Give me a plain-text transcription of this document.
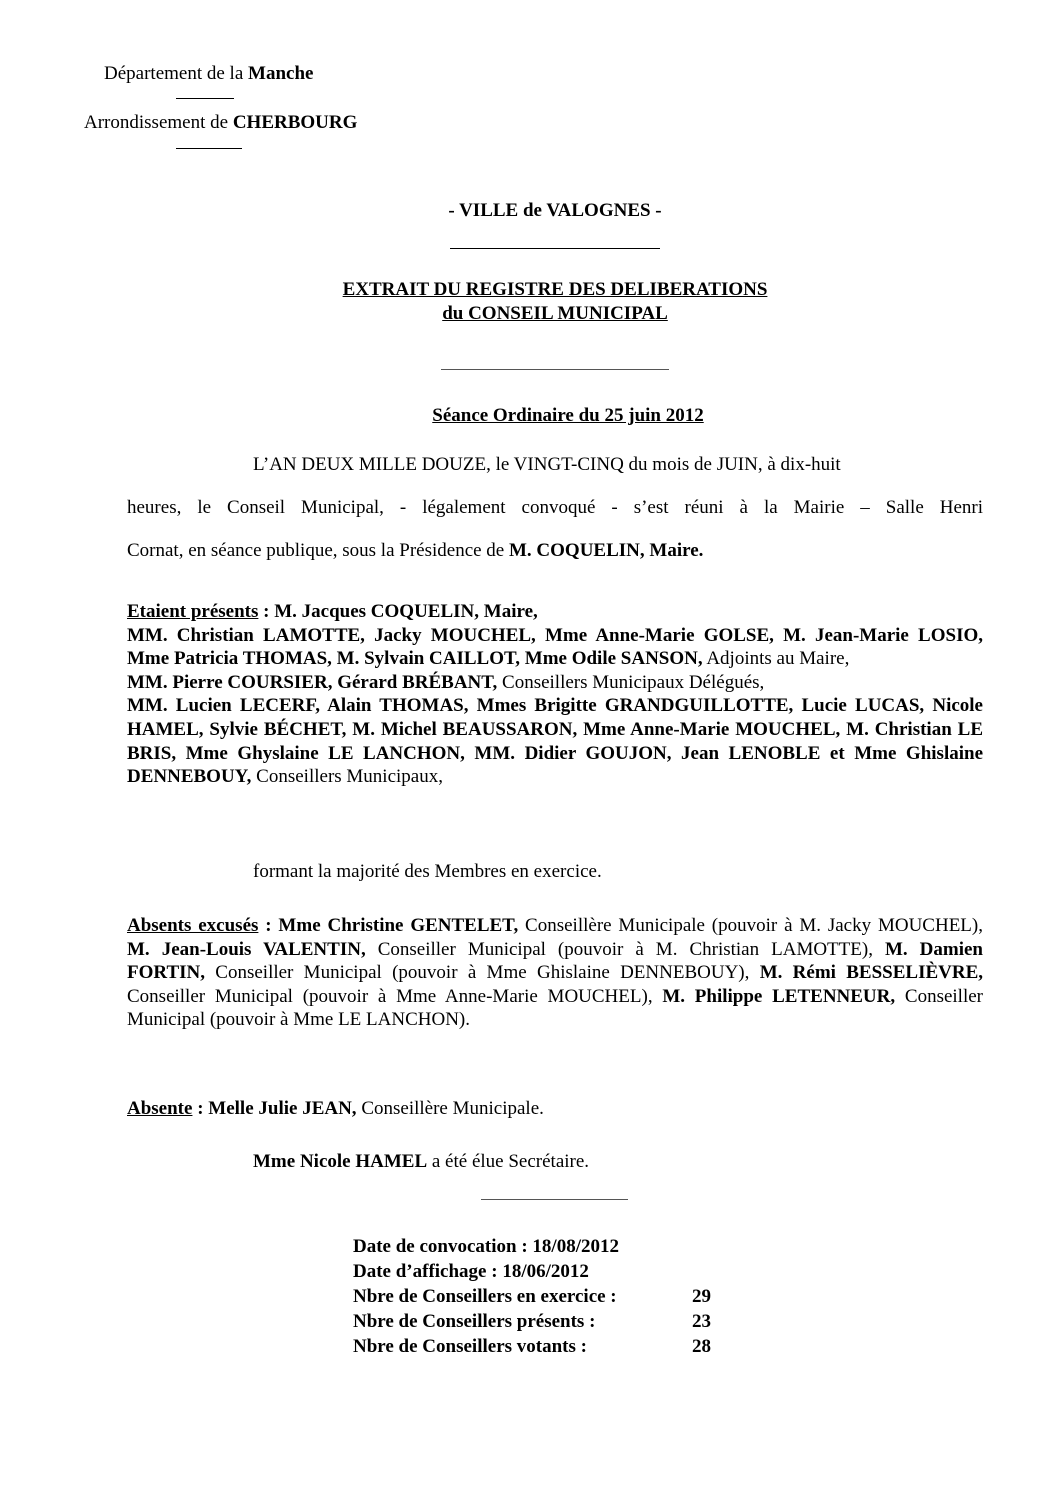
Département de la Manche
Arrondissement de CHERBOURG
- VILLE de VALOGNES -
EXTRAIT DU REGISTRE DES DELIBERATIONS
du CONSEIL MUNICIPAL
Séance Ordinaire du 25 juin 2012
L’AN DEUX MILLE DOUZE, le VINGT-CINQ du mois de JUIN, à dix-huit
heures, le Conseil Municipal, - légalement convoqué - s’est réuni à la Mairie – Salle Henri
Cornat, en séance publique, sous la Présidence de M. COQUELIN, Maire.
Etaient présents : M. Jacques COQUELIN, Maire,
MM. Christian LAMOTTE, Jacky MOUCHEL, Mme Anne-Marie GOLSE, M. Jean-Marie LOSIO, Mme Patricia THOMAS, M. Sylvain CAILLOT, Mme Odile SANSON, Adjoints au Maire,
MM. Pierre COURSIER, Gérard BRÉBANT, Conseillers Municipaux Délégués,
MM. Lucien LECERF, Alain THOMAS, Mmes Brigitte GRANDGUILLOTTE, Lucie LUCAS, Nicole HAMEL, Sylvie BÉCHET, M. Michel BEAUSSARON, Mme Anne-Marie MOUCHEL, M. Christian LE BRIS, Mme Ghyslaine LE LANCHON, MM. Didier GOUJON, Jean LENOBLE et Mme Ghislaine DENNEBOUY, Conseillers Municipaux,
formant la majorité des Membres en exercice.
Absents excusés : Mme Christine GENTELET, Conseillère Municipale (pouvoir à M. Jacky MOUCHEL), M. Jean-Louis VALENTIN, Conseiller Municipal (pouvoir à M. Christian LAMOTTE), M. Damien FORTIN, Conseiller Municipal (pouvoir à Mme Ghislaine DENNEBOUY), M. Rémi BESSELIÈVRE, Conseiller Municipal (pouvoir à Mme Anne-Marie MOUCHEL), M. Philippe LETENNEUR, Conseiller Municipal (pouvoir à Mme LE LANCHON).
Absente : Melle Julie JEAN, Conseillère Municipale.
Mme Nicole HAMEL a été élue Secrétaire.
Date de convocation : 18/08/2012
Date d’affichage : 18/06/2012
Nbre de Conseillers en exercice :	29
Nbre de Conseillers présents :	23
Nbre de Conseillers votants :	28
